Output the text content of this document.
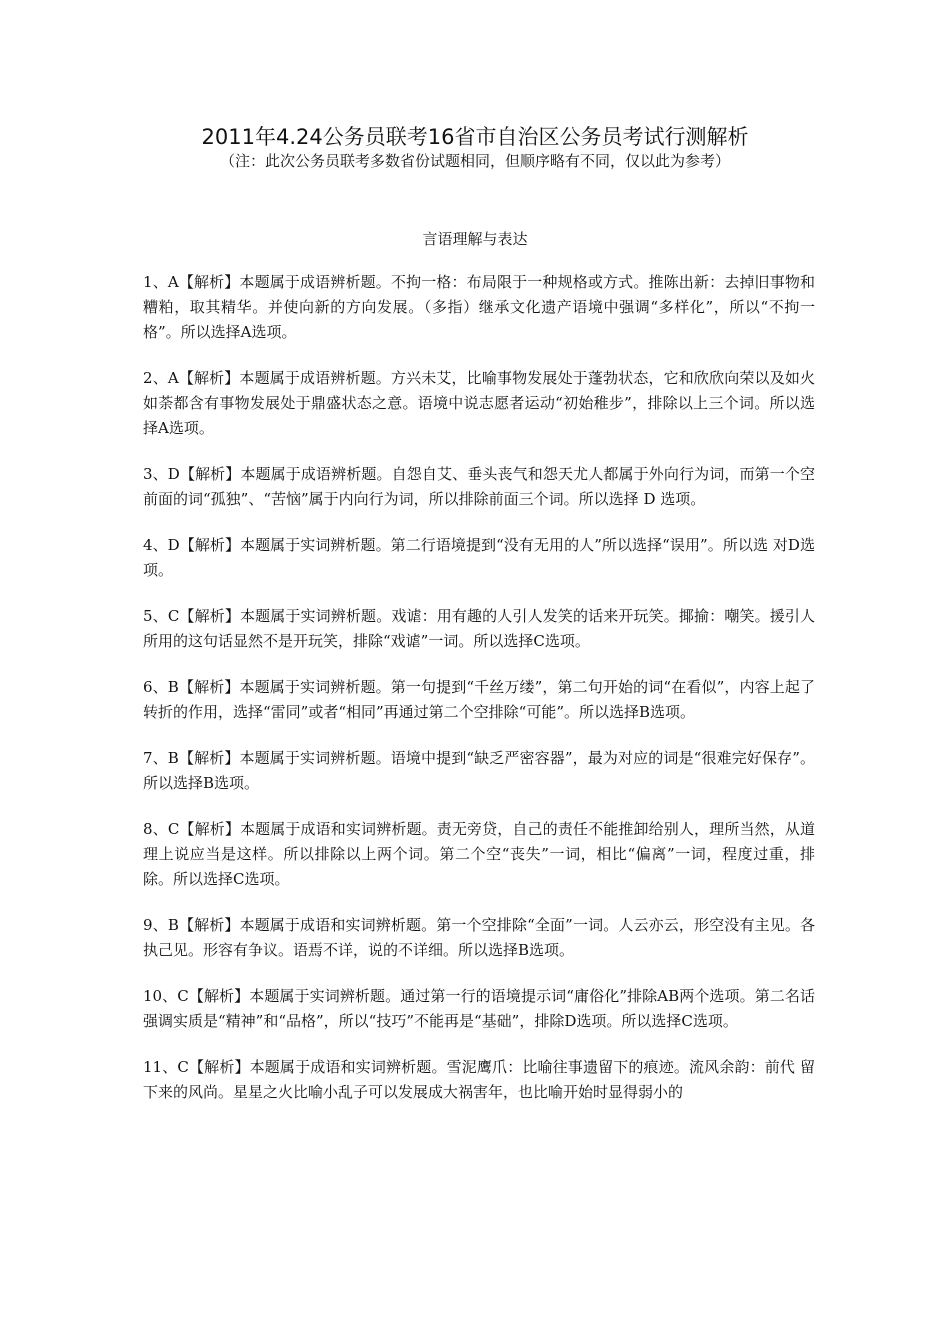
2011年4.24公务员联考16省市自治区公务员考试行测解析
（注：此次公务员联考多数省份试题相同，但顺序略有不同，仅以此为参考）
言语理解与表达

1、A【解析】本题属于成语辨析题。不拘一格：布局限于一种规格或方式。推陈出新：去掉旧事物和糟粕，取其精华。并使向新的方向发展。（多指）继承文化遗产语境中强调“多样化”，所以“不拘一格”。所以选择A选项。

2、A【解析】本题属于成语辨析题。方兴未艾，比喻事物发展处于蓬勃状态，它和欣欣向荣以及如火如荼都含有事物发展处于鼎盛状态之意。语境中说志愿者运动“初始稚步”，排除以上三个词。所以选 择A选项。

3、D【解析】本题属于成语辨析题。自怨自艾、垂头丧气和怨天尤人都属于外向行为词，而第一个空前面的词“孤独”、“苦恼”属于内向行为词，所以排除前面三个词。所以选择 D 选项。

4、D【解析】本题属于实词辨析题。第二行语境提到“没有无用的人”所以选择“误用”。所以选 对D选项。

5、C【解析】本题属于实词辨析题。戏谑：用有趣的人引人发笑的话来开玩笑。揶揄：嘲笑。援引人所用的这句话显然不是开玩笑，排除“戏谑”一词。所以选择C选项。

6、B【解析】本题属于实词辨析题。第一句提到“千丝万缕”，第二句开始的词“在看似”，内容上起了转折的作用，选择“雷同”或者“相同”再通过第二个空排除“可能”。所以选择B选项。

7、B【解析】本题属于实词辨析题。语境中提到“缺乏严密容器”，最为对应的词是“很难完好保存”。所以选择B选项。

8、C【解析】本题属于成语和实词辨析题。责无旁贷，自己的责任不能推卸给别人，理所当然，从道理上说应当是这样。所以排除以上两个词。第二个空“丧失”一词，相比“偏离”一词，程度过重，排除。所以选择C选项。

9、B【解析】本题属于成语和实词辨析题。第一个空排除“全面”一词。人云亦云，形空没有主见。各执己见。形容有争议。语焉不详，说的不详细。所以选择B选项。

10、C【解析】本题属于实词辨析题。通过第一行的语境提示词“庸俗化”排除AB两个选项。第二名话强调实质是“精神”和“品格”，所以“技巧”不能再是“基础”，排除D选项。所以选择C选项。

11、C【解析】本题属于成语和实词辨析题。雪泥鹰爪：比喻往事遗留下的痕迹。流风余韵：前代 留下来的风尚。星星之火比喻小乱子可以发展成大祸害年，也比喻开始时显得弱小的
